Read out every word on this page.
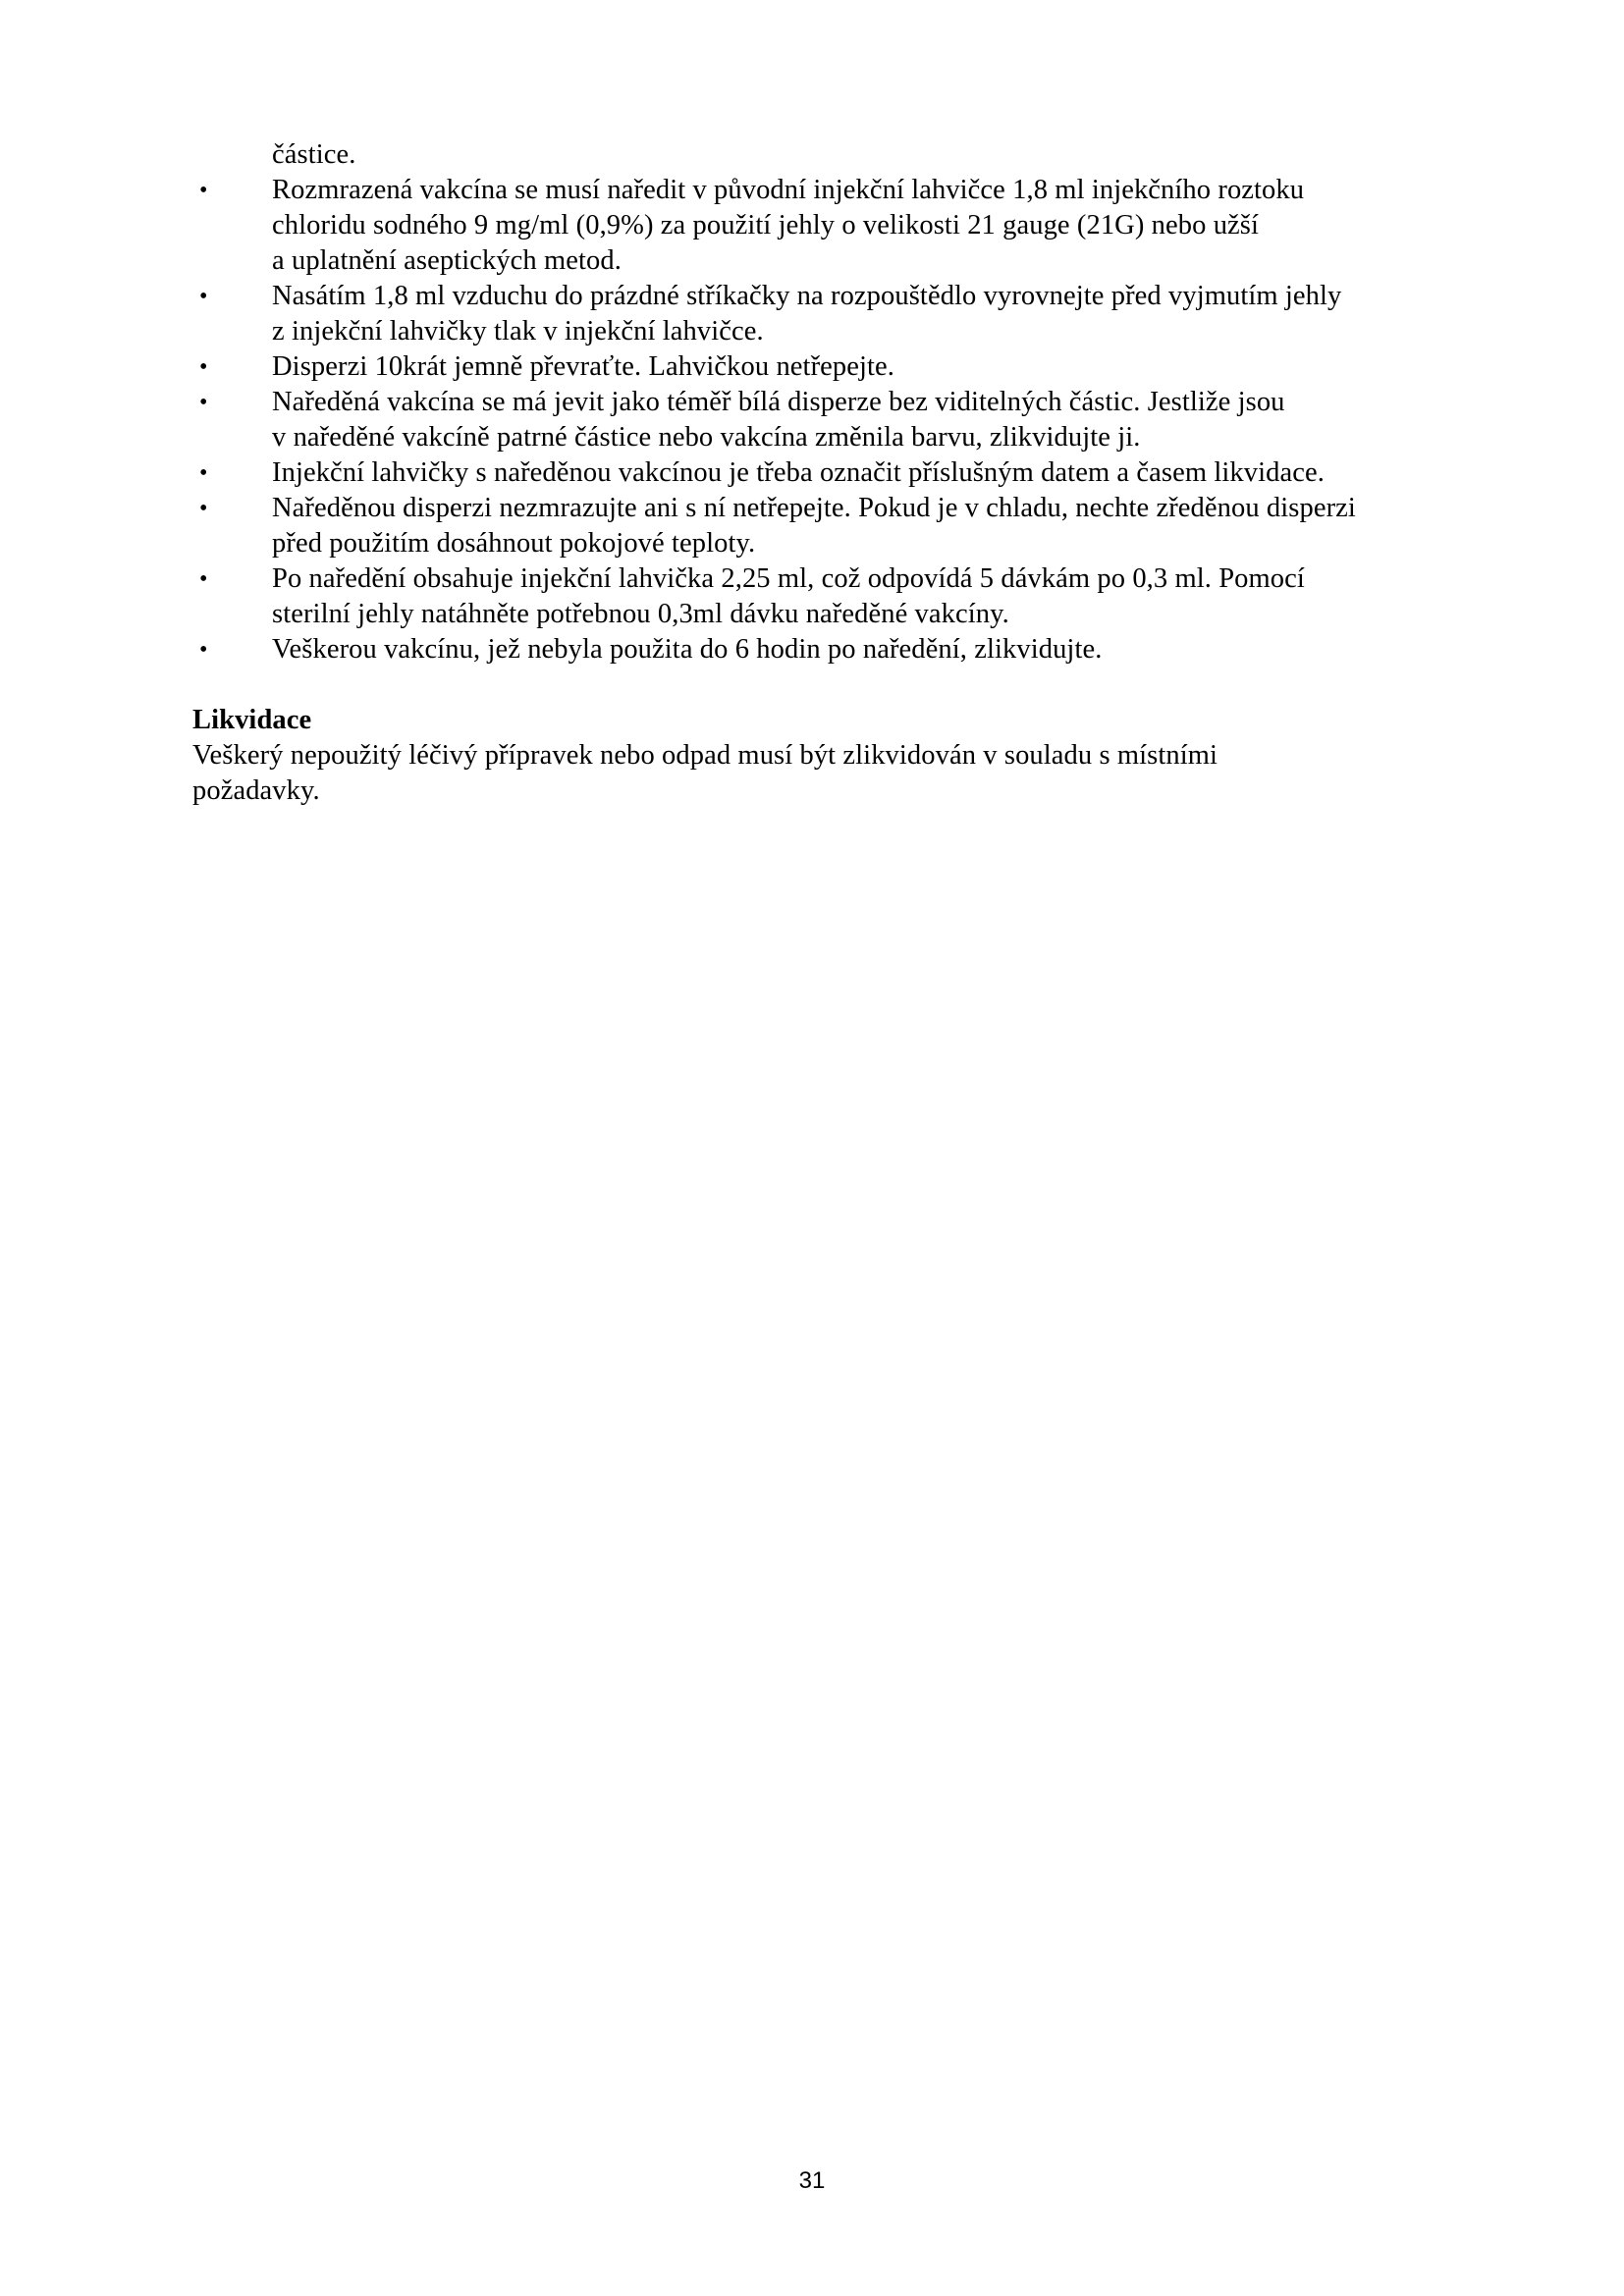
částice.
• Rozmrazená vakcína se musí naředit v původní injekční lahvičce 1,8 ml injekčního roztoku
chloridu sodného 9 mg/ml (0,9%) za použití jehly o velikosti 21 gauge (21G) nebo užší
a uplatnění aseptických metod.
• Nasátím 1,8 ml vzduchu do prázdné stříkačky na rozpouštědlo vyrovnejte před vyjmutím jehly
z injekční lahvičky tlak v injekční lahvičce.
• Disperzi 10krát jemně převraťte. Lahvičkou netřepejte.
• Naředěná vakcína se má jevit jako téměř bílá disperze bez viditelných částic. Jestliže jsou
v naředěné vakcíně patrné částice nebo vakcína změnila barvu, zlikvidujte ji.
• Injekční lahvičky s naředěnou vakcínou je třeba označit příslušným datem a časem likvidace.
• Naředěnou disperzi nezmrazujte ani s ní netřepejte. Pokud je v chladu, nechte zředěnou disperzi
před použitím dosáhnout pokojové teploty.
• Po naředění obsahuje injekční lahvička 2,25 ml, což odpovídá 5 dávkám po 0,3 ml. Pomocí
sterilní jehly natáhněte potřebnou 0,3ml dávku naředěné vakcíny.
• Veškerou vakcínu, jež nebyla použita do 6 hodin po naředění, zlikvidujte.
Likvidace
Veškerý nepoužitý léčivý přípravek nebo odpad musí být zlikvidován v souladu s místními
požadavky.
31
